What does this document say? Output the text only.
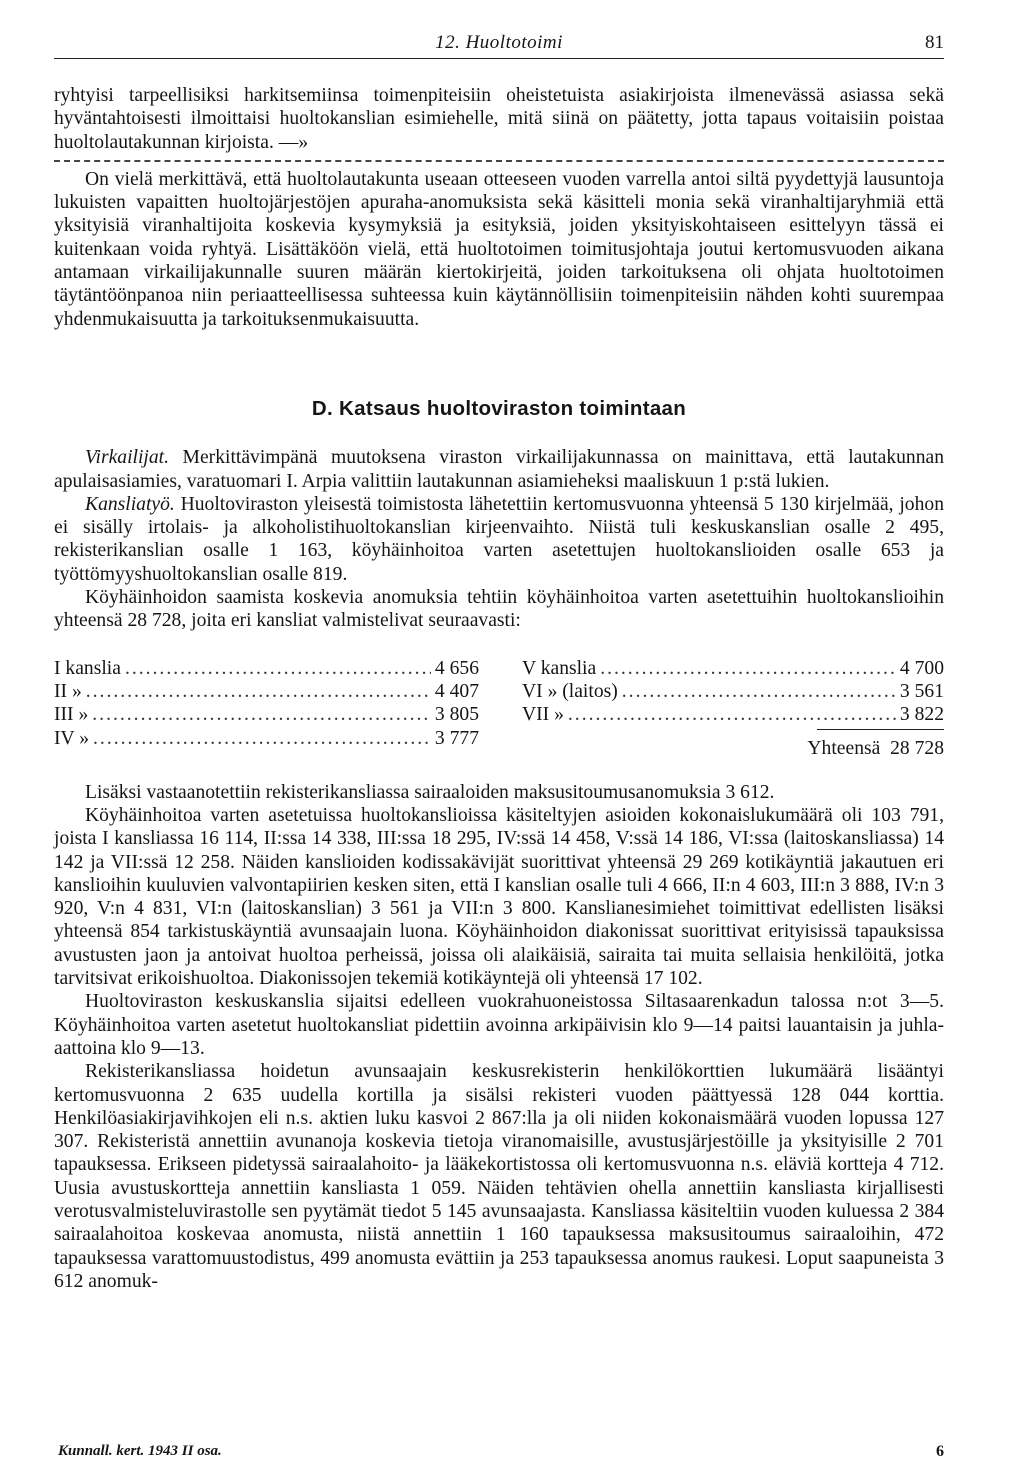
12. Huoltotoimi	81

ryhtyisi tarpeellisiksi harkitsemiinsa toimenpiteisiin oheistetuista asiakirjoista ilmenevässä asiassa sekä hyväntahtoisesti ilmoittaisi huoltokanslian esimiehelle, mitä siinä on päätetty, jotta tapaus voitaisiin poistaa huoltolautakunnan kirjoista. —»

On vielä merkittävä, että huoltolautakunta useaan otteeseen vuoden varrella antoi siltä pyydettyjä lausuntoja lukuisten vapaitten huoltojärjestöjen apuraha-anomuksista sekä käsitteli monia sekä viranhaltijaryhmiä että yksityisiä viranhaltijoita koskevia kysymyksiä ja esityksiä, joiden yksityiskohtaiseen esittelyyn tässä ei kuitenkaan voida ryhtyä. Lisättäköön vielä, että huoltotoimen toimitusjohtaja joutui kertomusvuoden aikana antamaan virkailijakunnalle suuren määrän kiertokirjeitä, joiden tarkoituksena oli ohjata huoltotoimen täytäntöönpanoa niin periaatteellisessa suhteessa kuin käytännöllisiin toimenpiteisiin nähden kohti suurempaa yhdenmukaisuutta ja tarkoituksenmukaisuutta.

D. Katsaus huoltoviraston toimintaan

Virkailijat. Merkittävimpänä muutoksena viraston virkailijakunnassa on mainittava, että lautakunnan apulaisasiamies, varatuomari I. Arpia valittiin lautakunnan asiamieheksi maaliskuun 1 p:stä lukien.

Kansliatyö. Huoltoviraston yleisestä toimistosta lähetettiin kertomusvuonna yhteensä 5 130 kirjelmää, johon ei sisälly irtolais- ja alkoholistihuoltokanslian kirjeenvaihto. Niistä tuli keskuskanslian osalle 2 495, rekisterikanslian osalle 1 163, köyhäinhoitoa varten asetettujen huoltokanslioiden osalle 653 ja työttömyyshuoltokanslian osalle 819.

Köyhäinhoidon saamista koskevia anomuksia tehtiin köyhäinhoitoa varten asetettuihin huoltokanslioihin yhteensä 28 728, joita eri kansliat valmistelivat seuraavasti:

I kanslia .....	4 656
II » .....	4 407
III » .....	3 805
IV » .....	3 777
V kanslia .....	4 700
VI » (laitos) .....	3 561
VII » .....	3 822
Yhteensä 28 728

Lisäksi vastaanotettiin rekisterikansliassa sairaaloiden maksusitoumusanomuksia 3 612.

Köyhäinhoitoa varten asetetuissa huoltokanslioissa käsiteltyjen asioiden kokonaislukumäärä oli 103 791, joista I kansliassa 16 114, II:ssa 14 338, III:ssa 18 295, IV:ssä 14 458, V:ssä 14 186, VI:ssa (laitoskansliassa) 14 142 ja VII:ssä 12 258. Näiden kanslioiden kodissakävijät suorittivat yhteensä 29 269 kotikäyntiä jakautuen eri kanslioihin kuuluvien valvontapiirien kesken siten, että I kanslian osalle tuli 4 666, II:n 4 603, III:n 3 888, IV:n 3 920, V:n 4 831, VI:n (laitoskanslian) 3 561 ja VII:n 3 800. Kanslianesimiehet toimittivat edellisten lisäksi yhteensä 854 tarkistuskäyntiä avunsaajain luona. Köyhäinhoidon diakonissat suorittivat erityisissä tapauksissa avustusten jaon ja antoivat huoltoa perheissä, joissa oli alaikäisiä, sairaita tai muita sellaisia henkilöitä, jotka tarvitsivat erikoishuoltoa. Diakonissojen tekemiä kotikäyntejä oli yhteensä 17 102.

Huoltoviraston keskuskanslia sijaitsi edelleen vuokrahuoneistossa Siltasaarenkadun talossa n:ot 3—5. Köyhäinhoitoa varten asetetut huoltokansliat pidettiin avoinna arkipäivisin klo 9—14 paitsi lauantaisin ja juhla-aattoina klo 9—13.

Rekisterikansliassa hoidetun avunsaajain keskusrekisterin henkilökorttien lukumäärä lisääntyi kertomusvuonna 2 635 uudella kortilla ja sisälsi rekisteri vuoden päättyessä 128 044 korttia. Henkilöasiakirjavihkojen eli n.s. aktien luku kasvoi 2 867:lla ja oli niiden kokonaismäärä vuoden lopussa 127 307. Rekisteristä annettiin avunanoja koskevia tietoja viranomaisille, avustusjärjestöille ja yksityisille 2 701 tapauksessa. Erikseen pidetyssä sairaalahoito- ja lääkekortistossa oli kertomusvuonna n.s. eläviä kortteja 4 712. Uusia avustuskortteja annettiin kansliasta 1 059. Näiden tehtävien ohella annettiin kansliasta kirjallisesti verotusvalmisteluvirastolle sen pyytämät tiedot 5 145 avunsaajasta. Kansliassa käsiteltiin vuoden kuluessa 2 384 sairaalahoitoa koskevaa anomusta, niistä annettiin 1 160 tapauksessa maksusitoumus sairaaloihin, 472 tapauksessa varattomuustodistus, 499 anomusta evättiin ja 253 tapauksessa anomus raukesi. Loput saapuneista 3 612 anomuk-

Kunnall. kert. 1943 II osa.	6
